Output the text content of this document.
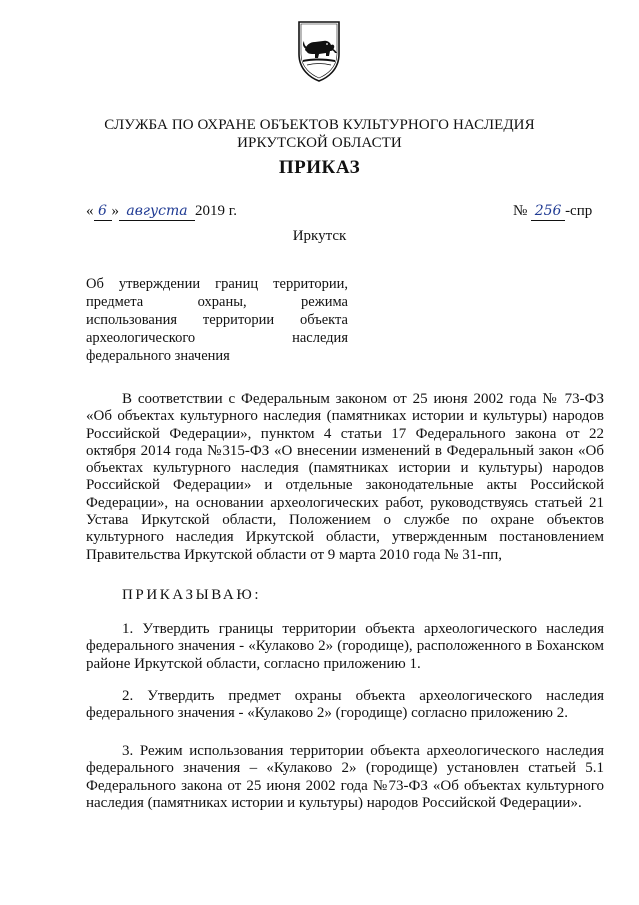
СЛУЖБА ПО ОХРАНЕ ОБЪЕКТОВ КУЛЬТУРНОГО НАСЛЕДИЯ
ИРКУТСКОЙ ОБЛАСТИ
ПРИКАЗ
« 6 » августа 2019 г.	№ 256 -спр
Иркутск
Об утверждении границ территории,
предмета охраны, режима
использования территории объекта
археологического наследия
федерального значения
В соответствии с Федеральным законом от 25 июня 2002 года № 73-ФЗ «Об объектах культурного наследия (памятниках истории и культуры) народов Российской Федерации», пунктом 4 статьи 17 Федерального закона от 22 октября 2014 года №315-ФЗ «О внесении изменений в Федеральный закон «Об объектах культурного наследия (памятниках истории и культуры) народов Российской Федерации» и отдельные законодательные акты Российской Федерации», на основании археологических работ, руководствуясь статьей 21 Устава Иркутской области, Положением о службе по охране объектов культурного наследия Иркутской области, утвержденным постановлением Правительства Иркутской области от 9 марта 2010 года № 31-пп,
ПРИКАЗЫВАЮ:
1. Утвердить границы территории объекта археологического наследия федерального значения - «Кулаково 2» (городище), расположенного в Боханском районе Иркутской области, согласно приложению 1.
2. Утвердить предмет охраны объекта археологического наследия федерального значения - «Кулаково 2» (городище) согласно приложению 2.
3. Режим использования территории объекта археологического наследия федерального значения – «Кулаково 2» (городище) установлен статьей 5.1 Федерального закона от 25 июня 2002 года №73-ФЗ «Об объектах культурного наследия (памятниках истории и культуры) народов Российской Федерации».
